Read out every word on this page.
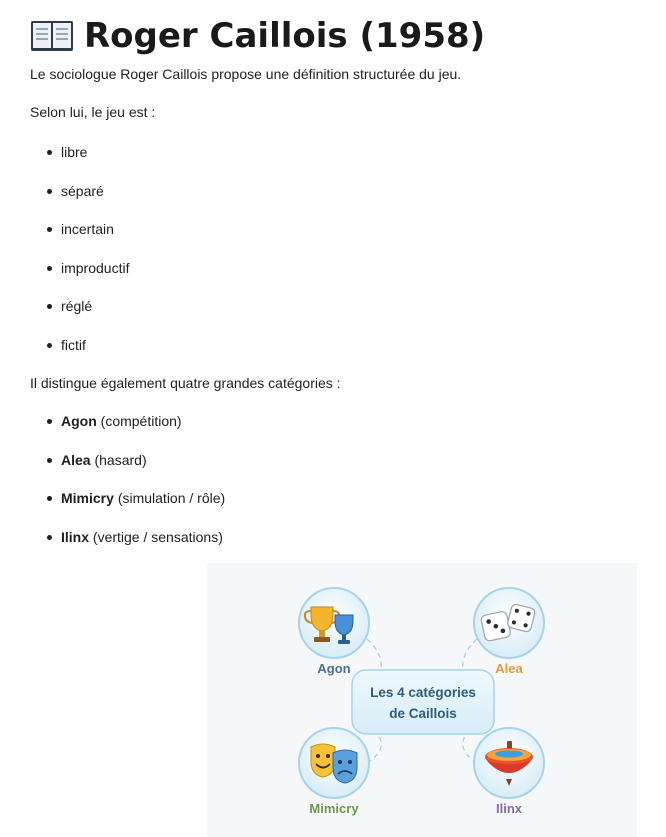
Roger Caillois (1958)

Le sociologue Roger Caillois propose une définition structurée du jeu.

Selon lui, le jeu est :

libre
séparé
incertain
improductif
réglé
fictif

Il distingue également quatre grandes catégories :

Agon (compétition)
Alea (hasard)
Mimicry (simulation / rôle)
Ilinx (vertige / sensations)
Les 4 catégories
de Caillois
Agon	Alea
Mimicry	Ilinx
